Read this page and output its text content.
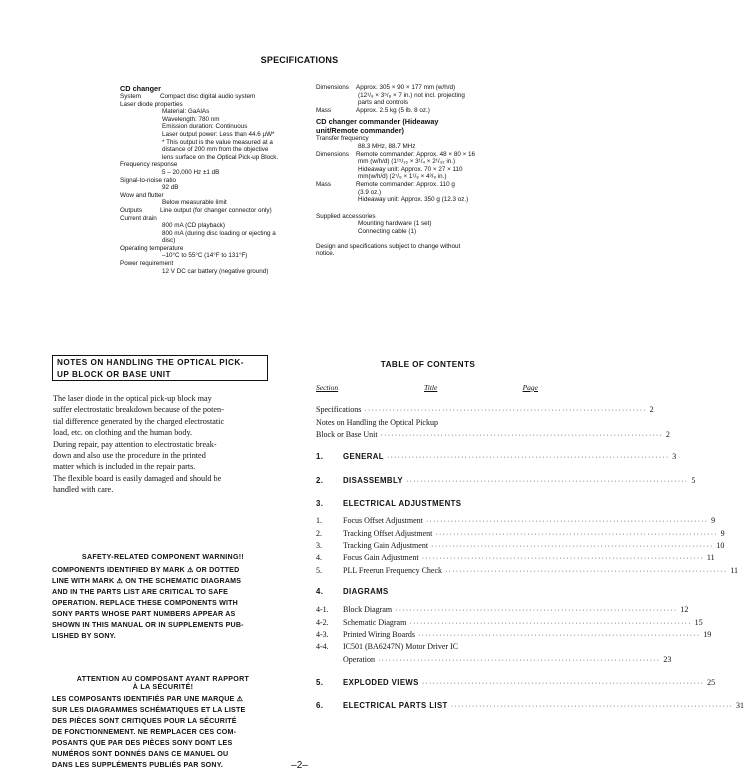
SPECIFICATIONS
CD changer
System	Compact disc digital audio system
Laser diode properties
Material: GaAlAs
Wavelength: 780 nm
Emission duration: Continuous
Laser output power: Less than 44.6 µW*
* This output is the value measured at a
distance of 200 mm from the objective
lens surface on the Optical Pick-up Block.
Frequency response
5 – 20,000 Hz ±1 dB
Signal-to-noise ratio
92 dB
Wow and flutter
Below measurable limit
Outputs	Line output (for changer connector only)
Current drain
800 mA (CD playback)
800 mA (during disc loading or ejecting a
disc)
Operating temperature
–10°C to 55°C (14°F to 131°F)
Power requirement
12 V DC car battery (negative ground)
Dimensions	Approx. 305 × 90 × 177 mm (w/h/d)
(12¹/₈ × 3⁵/₈ × 7 in.) not incl. projecting
parts and controls
Mass	Approx. 2.5 kg (5 lb. 8 oz.)
CD changer commander (Hideaway unit/Remote commander)
Transfer frequency
88.3 MHz, 88.7 MHz
Dimensions	Remote commander: Approx. 48 × 80 × 16
mm (w/h/d) (1¹⁵/₁₆ × 3¹/₄ × 2¹/₃₂ in.)
Hideaway unit: Approx. 70 × 27 × 110
mm(w/h/d) (2⁷/₈ × 1¹/₈ × 4³/₈ in.)
Mass	Remote commander: Approx. 110 g
(3.9 oz.)
Hideaway unit: Approx. 350 g (12.3 oz.)
Supplied accessories
Mounting hardware (1 set)
Connecting cable (1)
Design and specifications subject to change without
notice.
NOTES ON HANDLING THE OPTICAL PICK-
UP BLOCK OR BASE UNIT

The laser diode in the optical pick-up block may

suffer electrostatic breakdown because of the poten-

tial difference generated by the charged electrostatic

load, etc. on clothing and the human body.

During repair, pay attention to electrostatic break-

down and also use the procedure in the printed

matter which is included in the repair parts.

The flexible board is easily damaged and should be

handled with care.

SAFETY-RELATED COMPONENT WARNING!!
COMPONENTS IDENTIFIED BY MARK ⚠ OR DOTTED
LINE WITH MARK ⚠ ON THE SCHEMATIC DIAGRAMS
AND IN THE PARTS LIST ARE CRITICAL TO SAFE
OPERATION. REPLACE THESE COMPONENTS WITH
SONY PARTS WHOSE PART NUMBERS APPEAR AS
SHOWN IN THIS MANUAL OR IN SUPPLEMENTS PUB-
LISHED BY SONY.
ATTENTION AU COMPOSANT AYANT RAPPORT
À LA SÉCURITÉ!
LES COMPOSANTS IDENTIFIÉS PAR UNE MARQUE ⚠
SUR LES DIAGRAMMES SCHÉMATIQUES ET LA LISTE
DES PIÈCES SONT CRITIQUES POUR LA SÉCURITÉ
DE FONCTIONNEMENT. NE REMPLACER CES COM-
POSANTS QUE PAR DES PIÈCES SONY DONT LES
NUMÉROS SONT DONNÉS DANS CE MANUEL OU
DANS LES SUPPLÉMENTS PUBLIÉS PAR SONY.
TABLE OF CONTENTS
Section	Title	Page
Specifications ················································································ 2
Notes on Handling the Optical Pickup
Block or Base Unit ················································································ 2
1.	GENERAL ················································································ 3
2.	DISASSEMBLY ················································································ 5
3.	ELECTRICAL ADJUSTMENTS
1.	Focus Offset Adjustment ················································································ 9
2.	Tracking Offset Adjustment ················································································ 9
3.	Tracking Gain Adjustment ················································································ 10
4.	Focus Gain Adjustment ················································································ 11
5.	PLL Freerun Frequency Check ················································································ 11
4.	DIAGRAMS
4-1.	Block Diagram ················································································ 12
4-2.	Schematic Diagram ················································································ 15
4-3.	Printed Wiring Boards ················································································ 19
4-4.	IC501 (BA6247N) Motor Driver IC
Operation ················································································ 23
5.	EXPLODED VIEWS ················································································ 25
6.	ELECTRICAL PARTS LIST ················································································ 31
–2–
